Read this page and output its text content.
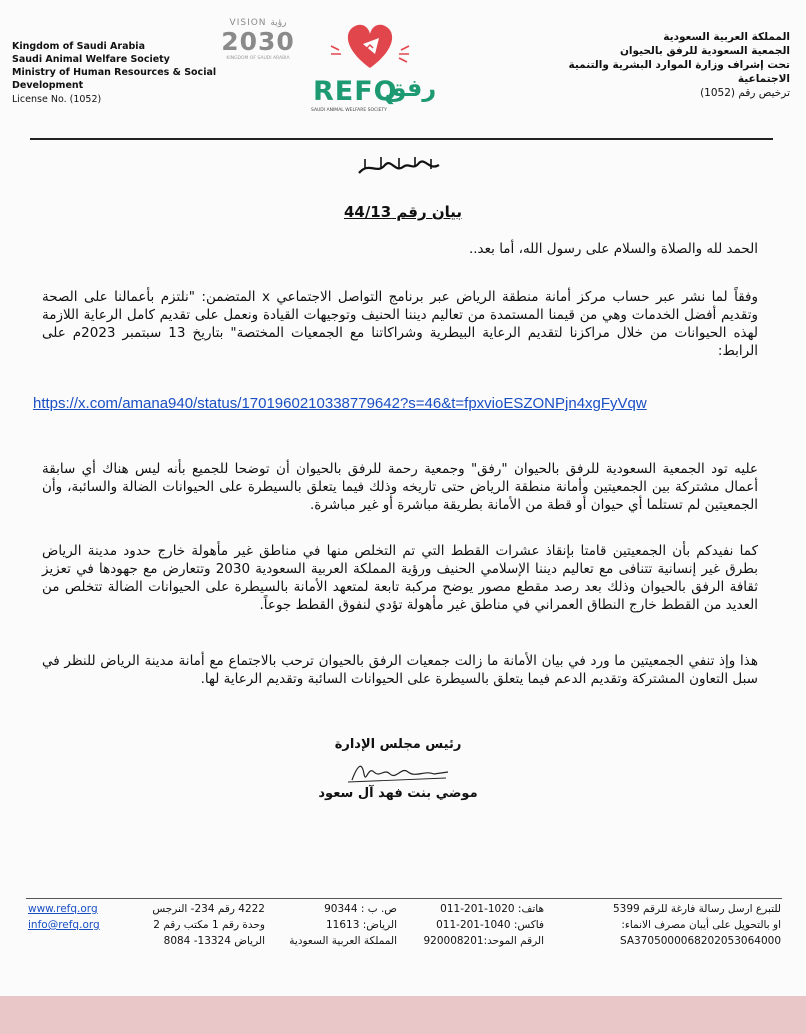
Kingdom of Saudi Arabia
Saudi Animal Welfare Society
Ministry of Human Resources & Social
Development
License No. (1052)
VISION رؤية
2030
KINGDOM OF SAUDI ARABIA
REFQ
رفق
SAUDI ANIMAL WELFARE SOCIETY
المملكة العربية السعودية
الجمعية السعودية للرفق بالحيوان
تحت إشراف وزارة الموارد البشرية والتنمية
الاجتماعية
ترخيص رقم (1052)
بيان رقم 44/13
الحمد لله والصلاة والسلام على رسول الله، أما بعد..
وفقاً لما نشر عبر حساب مركز أمانة منطقة الرياض عبر برنامج التواصل الاجتماعي x المتضمن: "نلتزم بأعمالنا على الصحة وتقديم أفضل الخدمات وهي من قيمنا المستمدة من تعاليم ديننا الحنيف وتوجيهات القيادة ونعمل على تقديم كامل الرعاية اللازمة لهذه الحيوانات من خلال مراكزنا لتقديم الرعاية البيطرية وشراكاتنا مع الجمعيات المختصة" بتاريخ 13 سبتمبر 2023م على الرابط:
https://x.com/amana940/status/1701960210338779642?s=46&t=fpxvioESZONPjn4xgFyVqw
عليه تود الجمعية السعودية للرفق بالحيوان "رفق" وجمعية رحمة للرفق بالحيوان أن توضحا للجميع بأنه ليس هناك أي سابقة أعمال مشتركة بين الجمعيتين وأمانة منطقة الرياض حتى تاريخه وذلك فيما يتعلق بالسيطرة على الحيوانات الضالة والسائبة، وأن الجمعيتين لم تستلما أي حيوان أو قطة من الأمانة بطريقة مباشرة أو غير مباشرة.
كما نفيدكم بأن الجمعيتين قامتا بإنقاذ عشرات القطط التي تم التخلص منها في مناطق غير مأهولة خارج حدود مدينة الرياض بطرق غير إنسانية تتنافى مع تعاليم ديننا الإسلامي الحنيف ورؤية المملكة العربية السعودية 2030 وتتعارض مع جهودها في تعزيز ثقافة الرفق بالحيوان وذلك بعد رصد مقطع مصور يوضح مركبة تابعة لمتعهد الأمانة بالسيطرة على الحيوانات الضالة تتخلص من العديد من القطط خارج النطاق العمراني في مناطق غير مأهولة تؤدي لنفوق القطط جوعاً.
هذا وإذ تنفي الجمعيتين ما ورد في بيان الأمانة ما زالت جمعيات الرفق بالحيوان ترحب بالاجتماع مع أمانة مدينة الرياض للنظر في سبل التعاون المشتركة وتقديم الدعم فيما يتعلق بالسيطرة على الحيوانات السائبة وتقديم الرعاية لها.
رئيس مجلس الإدارة
موضي بنت فهد آل سعود
www.refq.org
info@refq.org
4222 رقم 234- النرجس
وحدة رقم 1 مكتب رقم 2
الرياض 13324- 8084
ص. ب : 90344
الرياض: 11613
المملكة العربية السعودية
هاتف: 1020-201-011
فاكس: 1040-201-011
الرقم الموحد:920008201
للتبرع ارسل رسالة فارغة للرقم 5399
او بالتحويل على أيبان مصرف الانماء:
SA3705000068202053064000
